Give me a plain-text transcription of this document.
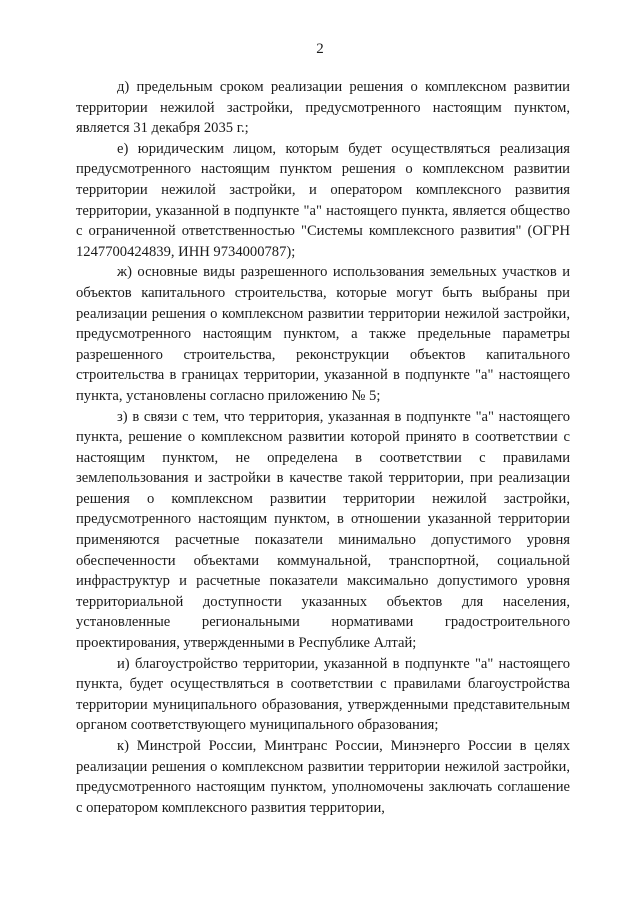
2

д) предельным сроком реализации решения о комплексном развитии территории нежилой застройки, предусмотренного настоящим пунктом, является 31 декабря 2035 г.;

е) юридическим лицом, которым будет осуществляться реализация предусмотренного настоящим пунктом решения о комплексном развитии территории нежилой застройки, и оператором комплексного развития территории, указанной в подпункте "а" настоящего пункта, является общество с ограниченной ответственностью "Системы комплексного развития" (ОГРН 1247700424839, ИНН 9734000787);

ж) основные виды разрешенного использования земельных участков и объектов капитального строительства, которые могут быть выбраны при реализации решения о комплексном развитии территории нежилой застройки, предусмотренного настоящим пунктом, а также предельные параметры разрешенного строительства, реконструкции объектов капитального строительства в границах территории, указанной в подпункте "а" настоящего пункта, установлены согласно приложению № 5;

з) в связи с тем, что территория, указанная в подпункте "а" настоящего пункта, решение о комплексном развитии которой принято в соответствии с настоящим пунктом, не определена в соответствии с правилами землепользования и застройки в качестве такой территории, при реализации решения о комплексном развитии территории нежилой застройки, предусмотренного настоящим пунктом, в отношении указанной территории применяются расчетные показатели минимально допустимого уровня обеспеченности объектами коммунальной, транспортной, социальной инфраструктур и расчетные показатели максимально допустимого уровня территориальной доступности указанных объектов для населения, установленные региональными нормативами градостроительного проектирования, утвержденными в Республике Алтай;

и) благоустройство территории, указанной в подпункте "а" настоящего пункта, будет осуществляться в соответствии с правилами благоустройства территории муниципального образования, утвержденными представительным органом соответствующего муниципального образования;

к) Минстрой России, Минтранс России, Минэнерго России в целях реализации решения о комплексном развитии территории нежилой застройки, предусмотренного настоящим пунктом, уполномочены заключать соглашение с оператором комплексного развития территории,
